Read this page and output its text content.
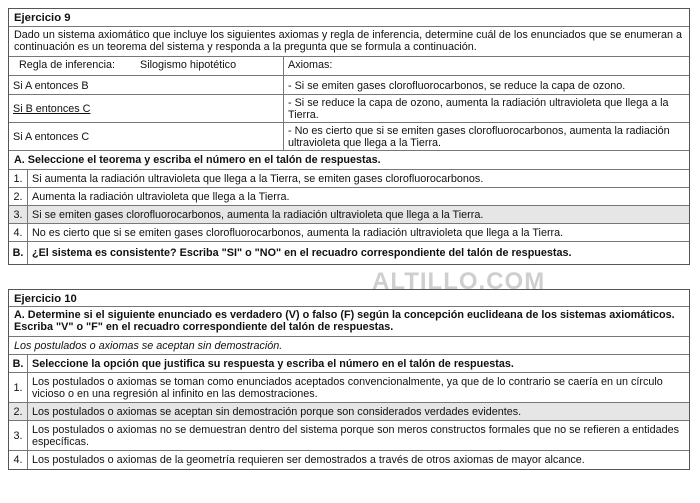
Ejercicio 9
Dado un sistema axiomático que incluye los siguientes axiomas y regla de inferencia, determine cuál de los enunciados que se enumeran a continuación es un teorema del sistema y responda a la pregunta que se formula a continuación.
Regla de inferencia: Silogismo hipotético	Axiomas:
Si A entonces B	- Si se emiten gases clorofluorocarbonos, se reduce la capa de ozono.
Si B entonces C	- Si se reduce la capa de ozono, aumenta la radiación ultravioleta que llega a la Tierra.
Si A entonces C	- No es cierto que si se emiten gases clorofluorocarbonos, aumenta la radiación ultravioleta que llega a la Tierra.
A. Seleccione el teorema y escriba el número en el talón de respuestas.
1. Si aumenta la radiación ultravioleta que llega a la Tierra, se emiten gases clorofluorocarbonos.
2. Aumenta la radiación ultravioleta que llega a la Tierra.
3. Si se emiten gases clorofluorocarbonos, aumenta la radiación ultravioleta que llega a la Tierra.
4. No es cierto que si se emiten gases clorofluorocarbonos, aumenta la radiación ultravioleta que llega a la Tierra.
B. ¿El sistema es consistente? Escriba "SI" o "NO" en el recuadro correspondiente del talón de respuestas.
ALTILLO.COM
Ejercicio 10
A. Determine si el siguiente enunciado es verdadero (V) o falso (F) según la concepción euclideana de los sistemas axiomáticos. Escriba "V" o "F" en el recuadro correspondiente del talón de respuestas.
Los postulados o axiomas se aceptan sin demostración.
B. Seleccione la opción que justifica su respuesta y escriba el número en el talón de respuestas.
1. Los postulados o axiomas se toman como enunciados aceptados convencionalmente, ya que de lo contrario se caería en un círculo vicioso o en una regresión al infinito en las demostraciones.
2. Los postulados o axiomas se aceptan sin demostración porque son considerados verdades evidentes.
3. Los postulados o axiomas no se demuestran dentro del sistema porque son meros constructos formales que no se refieren a entidades específicas.
4. Los postulados o axiomas de la geometría requieren ser demostrados a través de otros axiomas de mayor alcance.
